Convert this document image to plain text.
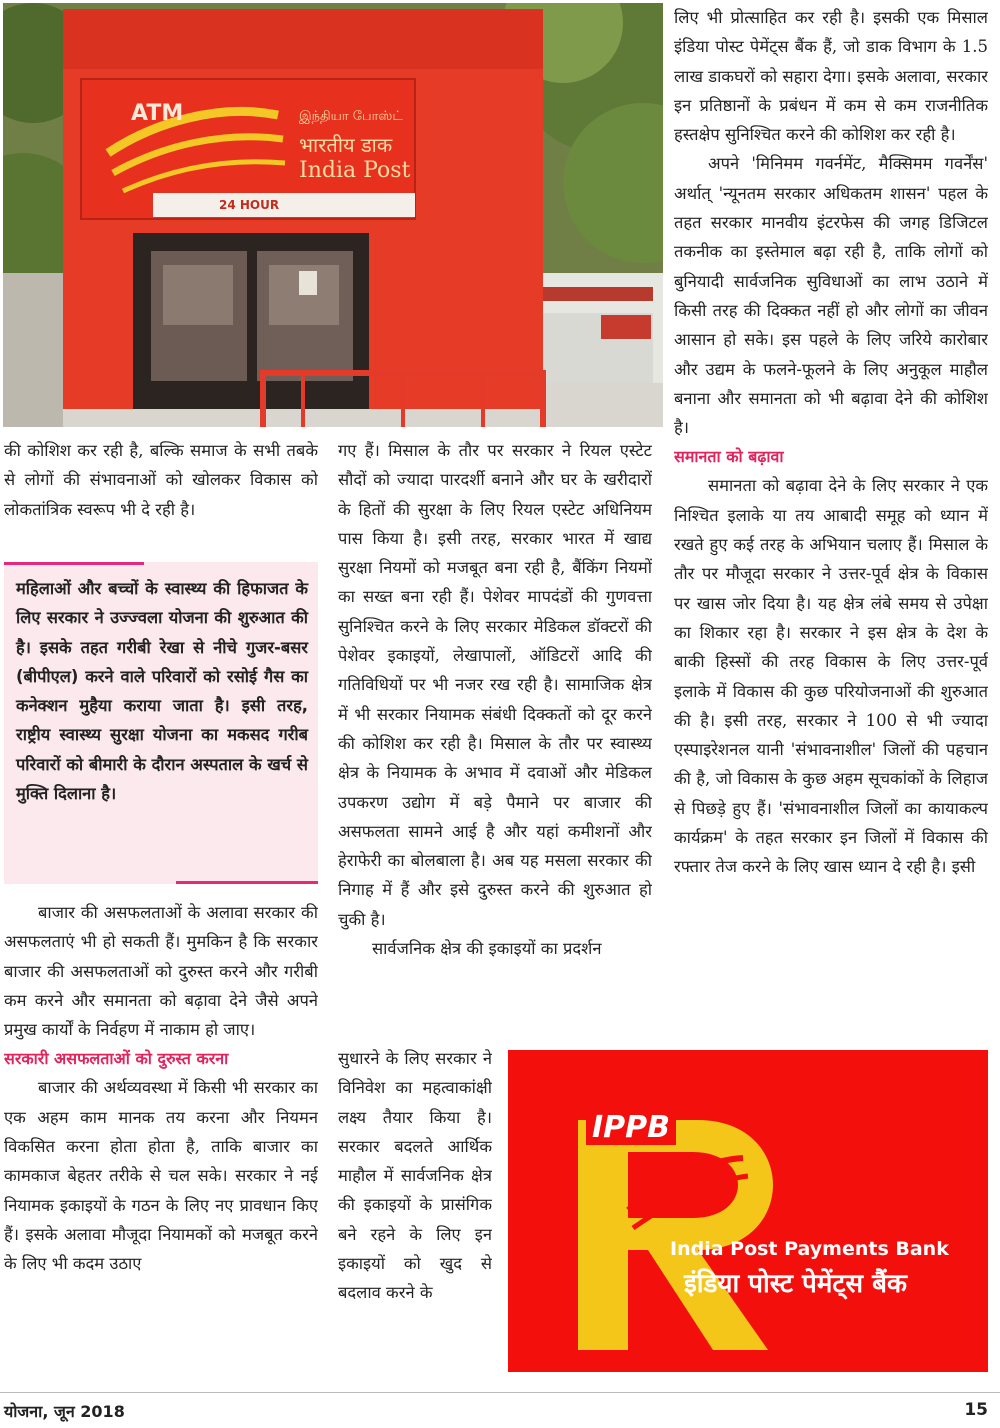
ATM	இந்தியா போஸ்ட்
भारतीय डाक
India Post
24 HOUR

की कोशिश कर रही है, बल्कि समाज के सभी तबके से लोगों की संभावनाओं को खोलकर विकास को लोकतांत्रिक स्वरूप भी दे रही है।

महिलाओं और बच्चों के स्वास्थ्य की हिफाजत के लिए सरकार ने उज्ज्वला योजना की शुरुआत की है। इसके तहत गरीबी रेखा से नीचे गुजर-बसर (बीपीएल) करने वाले परिवारों को रसोई गैस का कनेक्शन मुहैया कराया जाता है। इसी तरह, राष्ट्रीय स्वास्थ्य सुरक्षा योजना का मकसद गरीब परिवारों को बीमारी के दौरान अस्पताल के खर्च से मुक्ति दिलाना है।

बाजार की असफलताओं के अलावा सरकार की असफलताएं भी हो सकती हैं। मुमकिन है कि सरकार बाजार की असफलताओं को दुरुस्त करने और गरीबी कम करने और समानता को बढ़ावा देने जैसे अपने प्रमुख कार्यों के निर्वहण में नाकाम हो जाए।

सरकारी असफलताओं को दुरुस्त करना

बाजार की अर्थव्यवस्था में किसी भी सरकार का एक अहम काम मानक तय करना और नियमन विकसित करना होता होता है, ताकि बाजार का कामकाज बेहतर तरीके से चल सके। सरकार ने नई नियामक इकाइयों के गठन के लिए नए प्रावधान किए हैं। इसके अलावा मौजूदा नियामकों को मजबूत करने के लिए भी कदम उठाए

गए हैं। मिसाल के तौर पर सरकार ने रियल एस्टेट सौदों को ज्यादा पारदर्शी बनाने और घर के खरीदारों के हितों की सुरक्षा के लिए रियल एस्टेट अधिनियम पास किया है। इसी तरह, सरकार भारत में खाद्य सुरक्षा नियमों को मजबूत बना रही है, बैंकिंग नियमों का सख्त बना रही हैं। पेशेवर मापदंडों की गुणवत्ता सुनिश्चित करने के लिए सरकार मेडिकल डॉक्टरों की पेशेवर इकाइयों, लेखापालों, ऑडिटरों आदि की गतिविधियों पर भी नजर रख रही है। सामाजिक क्षेत्र में भी सरकार नियामक संबंधी दिक्कतों को दूर करने की कोशिश कर रही है। मिसाल के तौर पर स्वास्थ्य क्षेत्र के नियामक के अभाव में दवाओं और मेडिकल उपकरण उद्योग में बड़े पैमाने पर बाजार की असफलता सामने आई है और यहां कमीशनों और हेराफेरी का बोलबाला है। अब यह मसला सरकार की निगाह में हैं और इसे दुरुस्त करने की शुरुआत हो चुकी है।

सार्वजनिक क्षेत्र की इकाइयों का प्रदर्शन

सुधारने के लिए सरकार ने विनिवेश का महत्वाकांक्षी लक्ष्य तैयार किया है। सरकार बदलते आर्थिक माहौल में सार्वजनिक क्षेत्र की इकाइयों के प्रासंगिक बने रहने के लिए इन इकाइयों को खुद से बदलाव करने के

लिए भी प्रोत्साहित कर रही है। इसकी एक मिसाल इंडिया पोस्ट पेमेंट्स बैंक हैं, जो डाक विभाग के 1.5 लाख डाकघरों को सहारा देगा। इसके अलावा, सरकार इन प्रतिष्ठानों के प्रबंधन में कम से कम राजनीतिक हस्तक्षेप सुनिश्चित करने की कोशिश कर रही है।

अपने 'मिनिमम गवर्नमेंट, मैक्सिमम गवर्नेंस' अर्थात् 'न्यूनतम सरकार अधिकतम शासन' पहल के तहत सरकार मानवीय इंटरफेस की जगह डिजिटल तकनीक का इस्तेमाल बढ़ा रही है, ताकि लोगों को बुनियादी सार्वजनिक सुविधाओं का लाभ उठाने में किसी तरह की दिक्कत नहीं हो और लोगों का जीवन आसान हो सके। इस पहले के लिए जरिये कारोबार और उद्यम के फलने-फूलने के लिए अनुकूल माहौल बनाना और समानता को भी बढ़ावा देने की कोशिश है।

समानता को बढ़ावा

समानता को बढ़ावा देने के लिए सरकार ने एक निश्चित इलाके या तय आबादी समूह को ध्यान में रखते हुए कई तरह के अभियान चलाए हैं। मिसाल के तौर पर मौजूदा सरकार ने उत्तर-पूर्व क्षेत्र के विकास पर खास जोर दिया है। यह क्षेत्र लंबे समय से उपेक्षा का शिकार रहा है। सरकार ने इस क्षेत्र के देश के बाकी हिस्सों की तरह विकास के लिए उत्तर-पूर्व इलाके में विकास की कुछ परियोजनाओं की शुरुआत की है। इसी तरह, सरकार ने 100 से भी ज्यादा एस्पाइरेशनल यानी 'संभावनाशील' जिलों की पहचान की है, जो विकास के कुछ अहम सूचकांकों के लिहाज से पिछड़े हुए हैं। 'संभावनाशील जिलों का कायाकल्प कार्यक्रम' के तहत सरकार इन जिलों में विकास की रफ्तार तेज करने के लिए खास ध्यान दे रही है। इसी

IPPB
India Post Payments Bank
इंडिया पोस्ट पेमेंट्स बैंक
योजना, जून 2018	15
